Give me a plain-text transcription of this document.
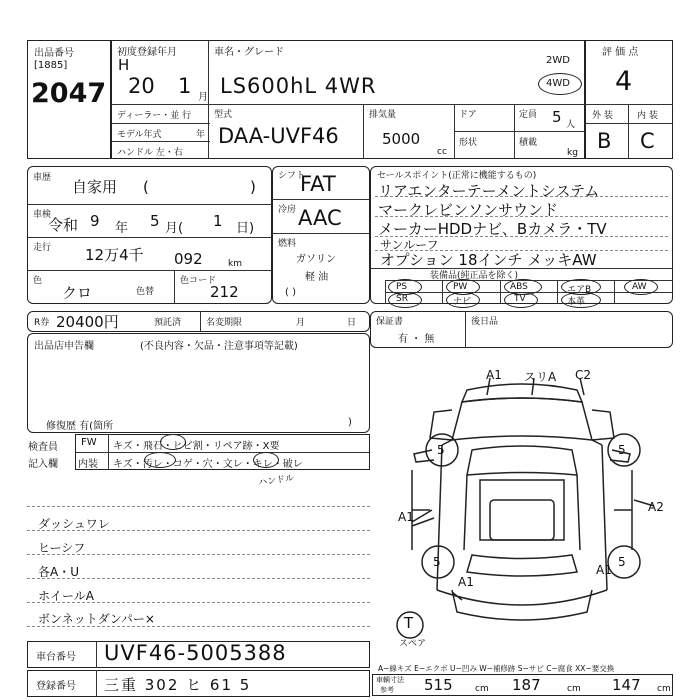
出品番号
[1885]
2047
初度登録年月
H
20 1 月
車名・グレード
LS600hL 4WR
2WD
4WD
ディーラー・並 行
モデル年式	年
ハンドル 左・右
型式
DAA-UVF46
排気量
5000
cc
ドア
形状
定員 5 人
積載
kg
評 価 点
4
外 装	内 装
B C
車歴 自家用 (	)
車検
令和 9 年 5 月( 1 日)
走行 12万4千 092	km
色
クロ	色替
色コード
212
シフト
FAT
冷房 AAC
燃料
ガソリン
軽 油
( )
セールスポイント(正常に機能するもの)
リアエンターテーメントシステム
マークレビンソンサウンド
メーカーHDDナビ、Bカメラ・TV
サンルーフ
オプション 18インチ メッキAW
装備品(純正品を除く)
PS	PW	ABS	エアB	AW
SR	ナビ	TV	本革
R券 20400円	預託済	名変期限	月	日 保証書
有 ・ 無
後日品
出品店申告欄	(不良内容・欠品・注意事項等記載)
修復歴 有(箇所	)
検査員
記入欄
FW
内装
キズ・飛石・ヒビ割・リペア跡・X要
キズ・汚レ・コゲ・穴・文レ・キレ・破レ
ハンドル
ダッシュワレ
ヒーシフ
各A・U
ホイールA
ボンネットダンパー×
A1 スリA C2
5	5
5	5
A1
A2
A1
A1
T
スペア
A−線キズ E−エクボ U−凹み W−補修跡 S−サビ C−腐食 XX−要交換
車輌寸法
参考 515 cm 187	cm 147 cm
車台番号 UVF46-5005388
登録番号 三重 302 ヒ 61 5
